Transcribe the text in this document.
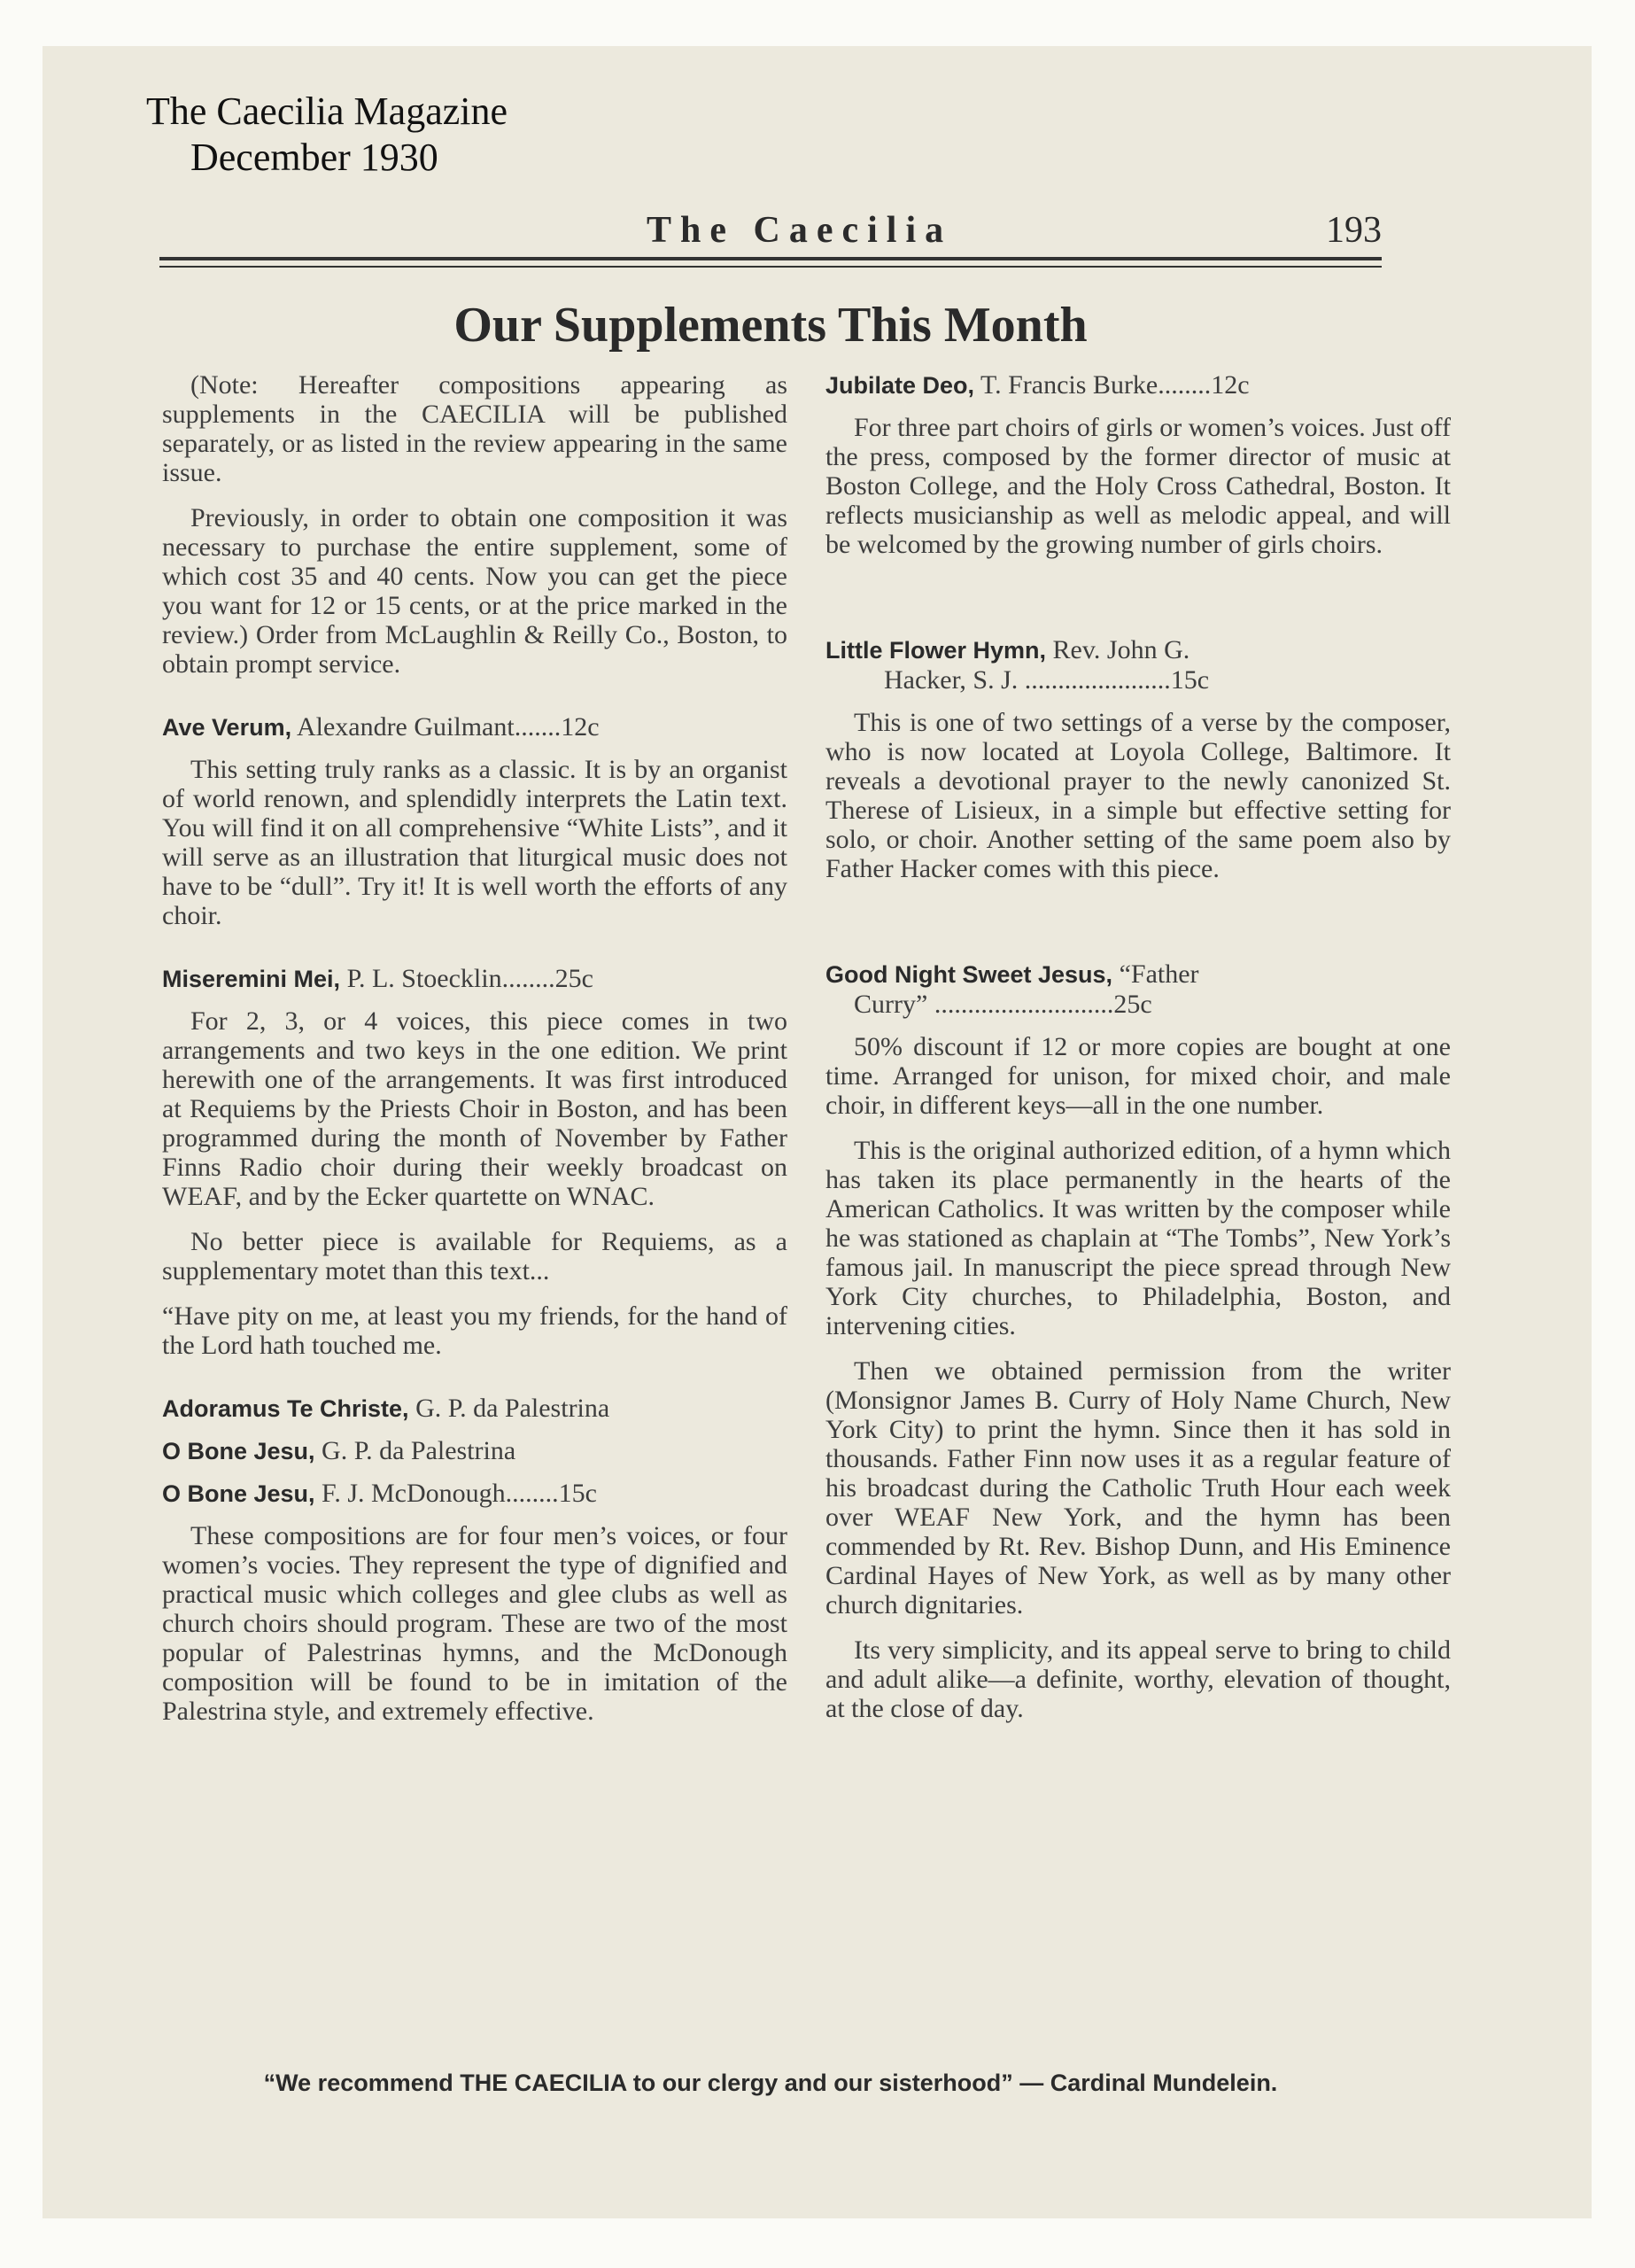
The Caecilia Magazine
December 1930
The Caecilia	193
Our Supplements This Month

(Note: Hereafter compositions appearing as supplements in the CAECILIA will be published separately, or as listed in the review appearing in the same issue.

Previously, in order to obtain one composition it was necessary to purchase the entire supplement, some of which cost 35 and 40 cents. Now you can get the piece you want for 12 or 15 cents, or at the price marked in the review.) Order from McLaughlin & Reilly Co., Boston, to obtain prompt service.

Ave Verum, Alexandre Guilmant.......12c

This setting truly ranks as a classic. It is by an organist of world renown, and splendidly interprets the Latin text. You will find it on all comprehensive “White Lists”, and it will serve as an illustration that liturgical music does not have to be “dull”. Try it! It is well worth the efforts of any choir.

Miseremini Mei, P. L. Stoecklin........25c

For 2, 3, or 4 voices, this piece comes in two arrangements and two keys in the one edition. We print herewith one of the arrangements. It was first introduced at Requiems by the Priests Choir in Boston, and has been programmed during the month of November by Father Finns Radio choir during their weekly broadcast on WEAF, and by the Ecker quartette on WNAC.

No better piece is available for Requiems, as a supplementary motet than this text...

“Have pity on me, at least you my friends, for the hand of the Lord hath touched me.

Adoramus Te Christe, G. P. da Palestrina
O Bone Jesu, G. P. da Palestrina
O Bone Jesu, F. J. McDonough........15c

These compositions are for four men’s voices, or four women’s vocies. They represent the type of dignified and practical music which colleges and glee clubs as well as church choirs should program. These are two of the most popular of Palestrinas hymns, and the McDonough composition will be found to be in imitation of the Palestrina style, and extremely effective.

Jubilate Deo, T. Francis Burke........12c

For three part choirs of girls or women’s voices. Just off the press, composed by the former director of music at Boston College, and the Holy Cross Cathedral, Boston. It reflects musicianship as well as melodic appeal, and will be welcomed by the growing number of girls choirs.

Little Flower Hymn, Rev. John G.
Hacker, S. J. ......................15c

This is one of two settings of a verse by the composer, who is now located at Loyola College, Baltimore. It reveals a devotional prayer to the newly canonized St. Therese of Lisieux, in a simple but effective setting for solo, or choir. Another setting of the same poem also by Father Hacker comes with this piece.

Good Night Sweet Jesus, “Father
Curry” ...........................25c

50% discount if 12 or more copies are bought at one time. Arranged for unison, for mixed choir, and male choir, in different keys—all in the one number.

This is the original authorized edition, of a hymn which has taken its place permanently in the hearts of the American Catholics. It was written by the composer while he was stationed as chaplain at “The Tombs”, New York’s famous jail. In manuscript the piece spread through New York City churches, to Philadelphia, Boston, and intervening cities.

Then we obtained permission from the writer (Monsignor James B. Curry of Holy Name Church, New York City) to print the hymn. Since then it has sold in thousands. Father Finn now uses it as a regular feature of his broadcast during the Catholic Truth Hour each week over WEAF New York, and the hymn has been commended by Rt. Rev. Bishop Dunn, and His Eminence Cardinal Hayes of New York, as well as by many other church dignitaries.

Its very simplicity, and its appeal serve to bring to child and adult alike—a definite, worthy, elevation of thought, at the close of day.

“We recommend THE CAECILIA to our clergy and our sisterhood” — Cardinal Mundelein.
